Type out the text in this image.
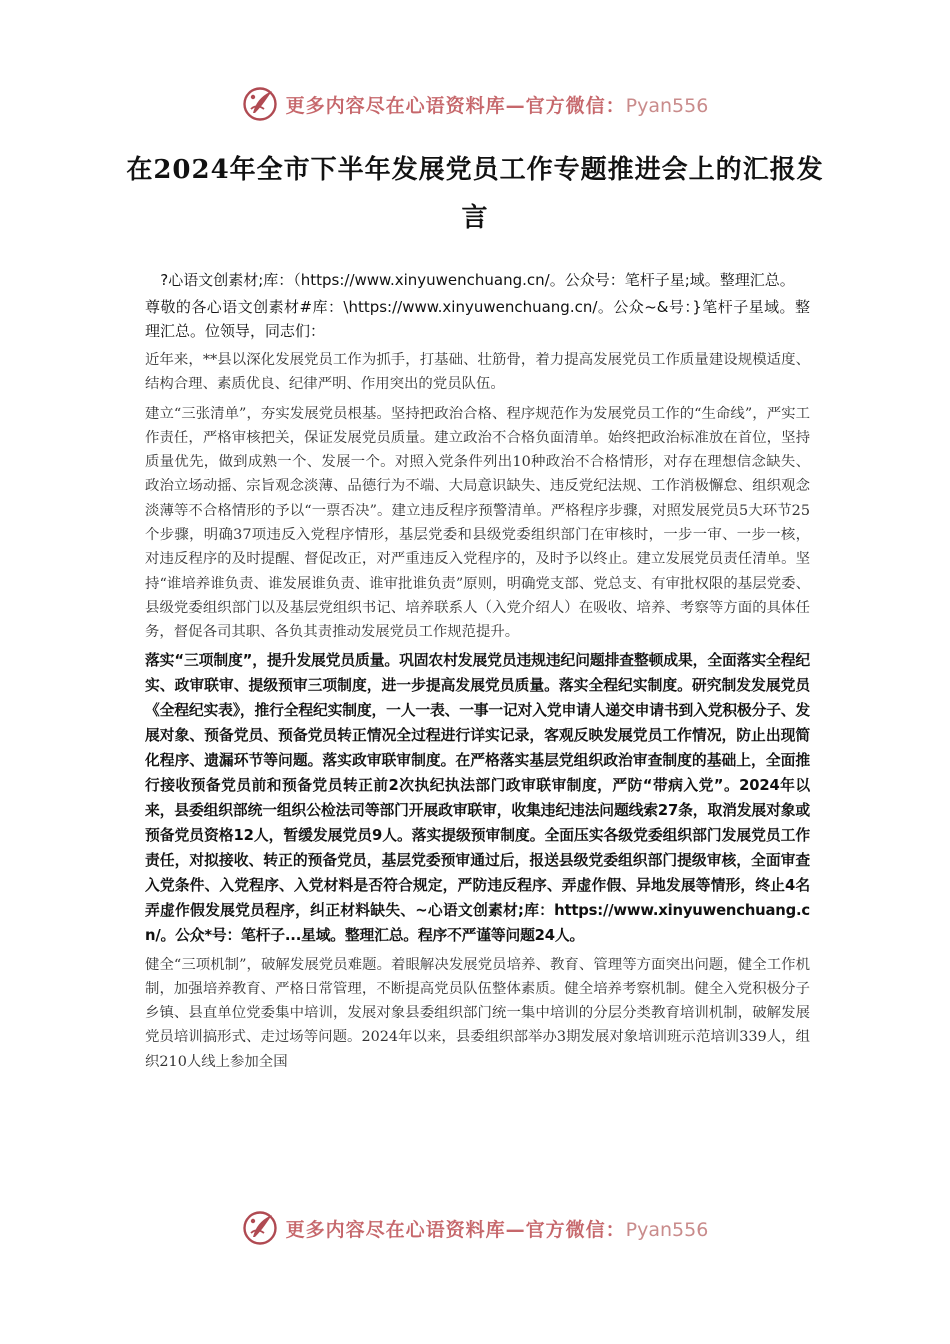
更多内容尽在心语资料库—官方微信：Pyan556
在2024年全市下半年发展党员工作专题推进会上的汇报发言

?心语文创素材;库：（https://www.xinyuwenchuang.cn/。公众号：笔杆子星;域。整理汇总。

尊敬的各心语文创素材#库：\https://www.xinyuwenchuang.cn/。公众~&号：}笔杆子星域。整理汇总。位领导，同志们：

近年来，**县以深化发展党员工作为抓手，打基础、壮筋骨，着力提高发展党员工作质量建设规模适度、结构合理、素质优良、纪律严明、作用突出的党员队伍。

建立“三张清单”，夯实发展党员根基。坚持把政治合格、程序规范作为发展党员工作的“生命线”，严实工作责任，严格审核把关，保证发展党员质量。建立政治不合格负面清单。始终把政治标准放在首位，坚持质量优先，做到成熟一个、发展一个。对照入党条件列出10种政治不合格情形，对存在理想信念缺失、政治立场动摇、宗旨观念淡薄、品德行为不端、大局意识缺失、违反党纪法规、工作消极懈怠、组织观念淡薄等不合格情形的予以“一票否决”。建立违反程序预警清单。严格程序步骤，对照发展党员5大环节25个步骤，明确37项违反入党程序情形，基层党委和县级党委组织部门在审核时，一步一审、一步一核，对违反程序的及时提醒、督促改正，对严重违反入党程序的，及时予以终止。建立发展党员责任清单。坚持“谁培养谁负责、谁发展谁负责、谁审批谁负责”原则，明确党支部、党总支、有审批权限的基层党委、县级党委组织部门以及基层党组织书记、培养联系人（入党介绍人）在吸收、培养、考察等方面的具体任务，督促各司其职、各负其责推动发展党员工作规范提升。

落实“三项制度”，提升发展党员质量。巩固农村发展党员违规违纪问题排查整顿成果，全面落实全程纪实、政审联审、提级预审三项制度，进一步提高发展党员质量。落实全程纪实制度。研究制发发展党员《全程纪实表》，推行全程纪实制度，一人一表、一事一记对入党申请人递交申请书到入党积极分子、发展对象、预备党员、预备党员转正情况全过程进行详实记录，客观反映发展党员工作情况，防止出现简化程序、遗漏环节等问题。落实政审联审制度。在严格落实基层党组织政治审查制度的基础上，全面推行接收预备党员前和预备党员转正前2次执纪执法部门政审联审制度，严防“带病入党”。2024年以来，县委组织部统一组织公检法司等部门开展政审联审，收集违纪违法问题线索27条，取消发展对象或预备党员资格12人，暂缓发展党员9人。落实提级预审制度。全面压实各级党委组织部门发展党员工作责任，对拟接收、转正的预备党员，基层党委预审通过后，报送县级党委组织部门提级审核，全面审查入党条件、入党程序、入党材料是否符合规定，严防违反程序、弄虚作假、异地发展等情形，终止4名弄虚作假发展党员程序，纠正材料缺失、~心语文创素材;库：https://www.xinyuwenchuang.cn/。公众*号：笔杆子...星域。整理汇总。程序不严谨等问题24人。

健全“三项机制”，破解发展党员难题。着眼解决发展党员培养、教育、管理等方面突出问题，健全工作机制，加强培养教育、严格日常管理，不断提高党员队伍整体素质。健全培养考察机制。健全入党积极分子乡镇、县直单位党委集中培训，发展对象县委组织部门统一集中培训的分层分类教育培训机制，破解发展党员培训搞形式、走过场等问题。2024年以来，县委组织部举办3期发展对象培训班示范培训339人，组织210人线上参加全国

更多内容尽在心语资料库—官方微信：Pyan556
